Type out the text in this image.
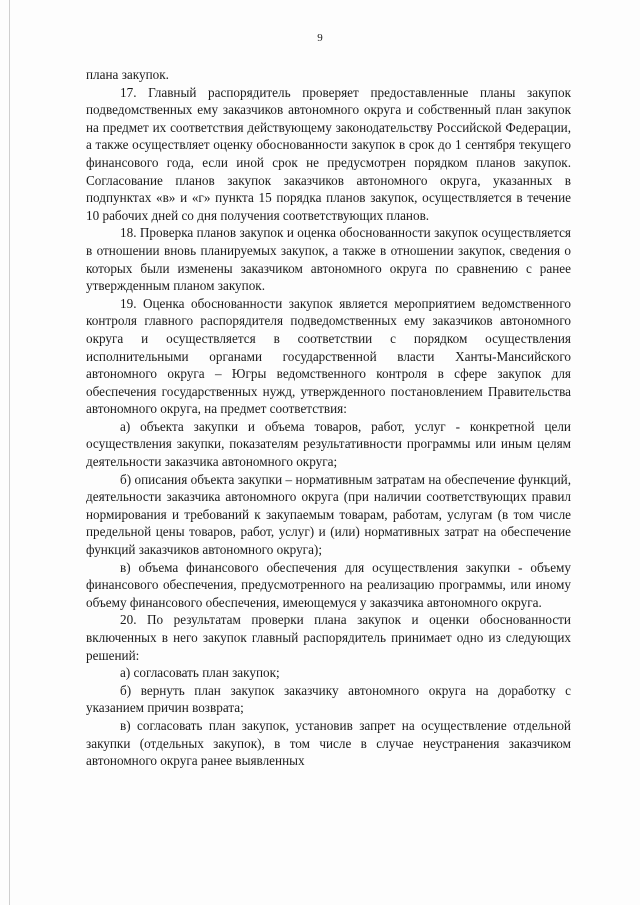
9

плана закупок.

17. Главный распорядитель проверяет предоставленные планы закупок подведомственных ему заказчиков автономного округа и собственный план закупок на предмет их соответствия действующему законодательству Российской Федерации, а также осуществляет оценку обоснованности закупок в срок до 1 сентября текущего финансового года, если иной срок не предусмотрен порядком планов закупок. Согласование планов закупок заказчиков автономного округа, указанных в подпунктах «в» и «г» пункта 15 порядка планов закупок, осуществляется в течение 10 рабочих дней со дня получения соответствующих планов.

18. Проверка планов закупок и оценка обоснованности закупок осуществляется в отношении вновь планируемых закупок, а также в отношении закупок, сведения о которых были изменены заказчиком автономного округа по сравнению с ранее утвержденным планом закупок.

19. Оценка обоснованности закупок является мероприятием ведомственного контроля главного распорядителя подведомственных ему заказчиков автономного округа и осуществляется в соответствии с порядком осуществления исполнительными органами государственной власти Ханты-Мансийского автономного округа – Югры ведомственного контроля в сфере закупок для обеспечения государственных нужд, утвержденного постановлением Правительства автономного округа, на предмет соответствия:

а) объекта закупки и объема товаров, работ, услуг - конкретной цели осуществления закупки, показателям результативности программы или иным целям деятельности заказчика автономного округа;

б) описания объекта закупки – нормативным затратам на обеспечение функций, деятельности заказчика автономного округа (при наличии соответствующих правил нормирования и требований к закупаемым товарам, работам, услугам (в том числе предельной цены товаров, работ, услуг) и (или) нормативных затрат на обеспечение функций заказчиков автономного округа);

в) объема финансового обеспечения для осуществления закупки - объему финансового обеспечения, предусмотренного на реализацию программы, или иному объему финансового обеспечения, имеющемуся у заказчика автономного округа.

20. По результатам проверки плана закупок и оценки обоснованности включенных в него закупок главный распорядитель принимает одно из следующих решений:

а) согласовать план закупок;

б) вернуть план закупок заказчику автономного округа на доработку с указанием причин возврата;

в) согласовать план закупок, установив запрет на осуществление отдельной закупки (отдельных закупок), в том числе в случае неустранения заказчиком автономного округа ранее выявленных
